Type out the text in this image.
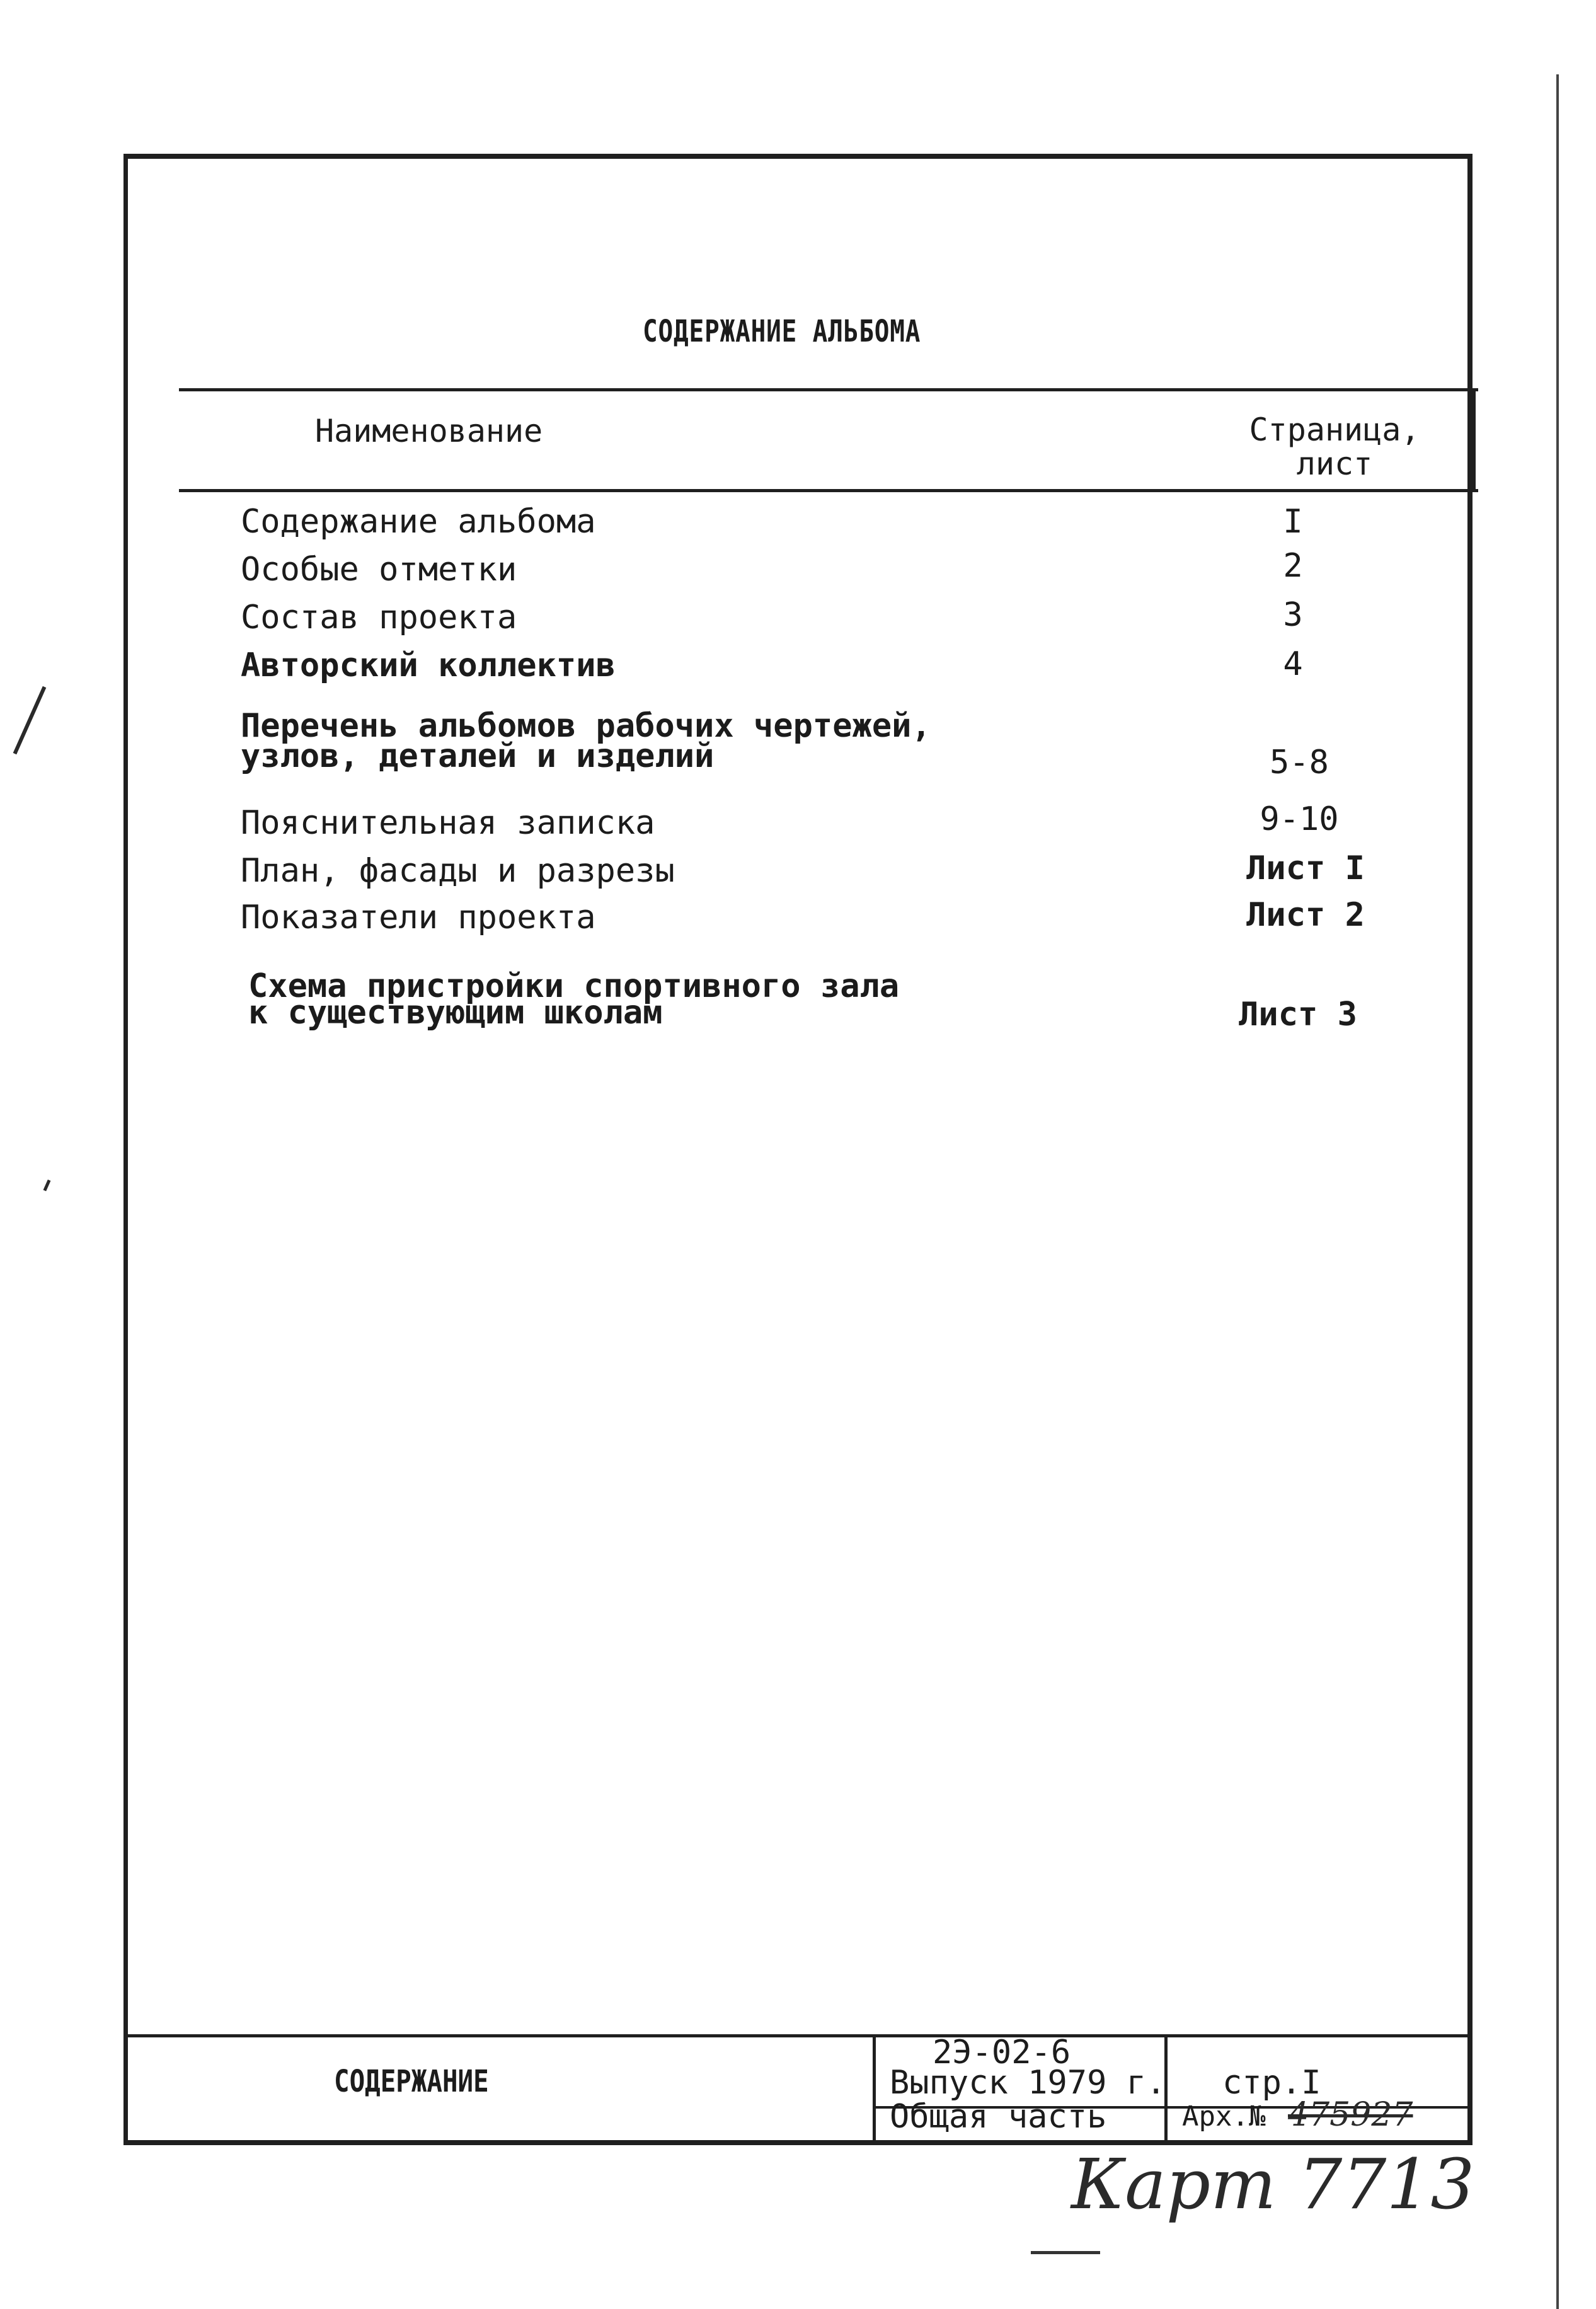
СОДЕРЖАНИЕ АЛЬБОМА
Наименование	Страница,
лист
Содержание альбома	I
Особые отметки	2
Состав проекта	3
Авторский коллектив	4
Перечень альбомов рабочих чертежей,
узлов, деталей и изделий	5-8
Пояснительная записка	9-10
План, фасады и разрезы	Лист I
Показатели проекта	Лист 2
Схема пристройки спортивного зала
к существующим школам	Лист 3
СОДЕРЖАНИЕ
2Э-02-6
Выпуск 1979 г.
Общая часть
стр.I
Арх.№ 475927
Карт 7713
